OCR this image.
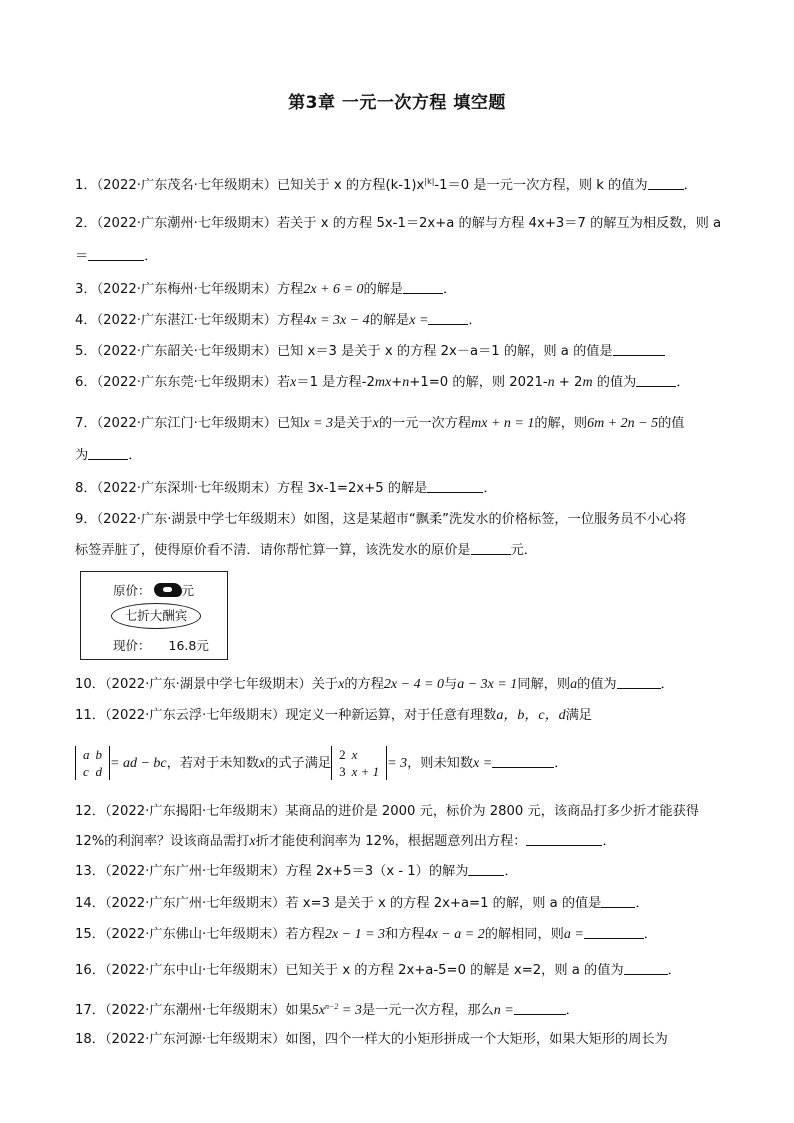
第3章 一元一次方程 填空题
1．（2022·广东茂名·七年级期末）已知关于 x 的方程$(k-1)x^{|k|}-1=0$ 是一元一次方程，则 k 的值为	．
2．（2022·广东潮州·七年级期末）若关于 x 的方程 5x-1＝2x+a 的解与方程 4x+3＝7 的解互为相反数，则 a
＝	．
3．（2022·广东梅州·七年级期末）方程2x + 6 = 0的解是	．
4．（2022·广东湛江·七年级期末）方程4x = 3x − 4的解是x =	．
5．（2022·广东韶关·七年级期末）已知 x＝3 是关于 x 的方程 2x－a＝1 的解，则 a 的值是
6．（2022·广东东莞·七年级期末）若x＝1 是方程-2mx+n+1=0 的解，则 2021-n + 2m 的值为	．
7．（2022·广东江门·七年级期末）已知x = 3是关于x的一元一次方程mx + n = 1的解，则6m + 2n − 5的值
为	．
8．（2022·广东深圳·七年级期末）方程 3x-1=2x+5 的解是	．
9．（2022·广东·湖景中学七年级期末）如图，这是某超市“飘柔”洗发水的价格标签，一位服务员不小心将
标签弄脏了，使得原价看不清．请你帮忙算一算，该洗发水的原价是	元．
原价： 元
七折大酬宾
现价： 16.8元
10．（2022·广东·湖景中学七年级期末）关于x的方程2x − 4 = 0与a − 3x = 1同解，则a的值为	．
11．（2022·广东云浮·七年级期末）现定义一种新运算，对于任意有理数a，b，c，d满足
a	b
c	d
= ad − bc，若对于未知数x的式子满足
2	x
3	x + 1
= 3，则未知数x =	．
12．（2022·广东揭阳·七年级期末）某商品的进价是 2000 元，标价为 2800 元，该商品打多少折才能获得
12%的利润率？设该商品需打x折才能使利润率为 12%，根据题意列出方程：	．
13．（2022·广东广州·七年级期末）方程 2x+5＝3（x - 1）的解为	．
14．（2022·广东广州·七年级期末）若 x=3 是关于 x 的方程 2x+a=1 的解，则 a 的值是	．
15．（2022·广东佛山·七年级期末）若方程2x − 1 = 3和方程4x − a = 2的解相同，则a =	．
16．（2022·广东中山·七年级期末）已知关于 x 的方程 2x+a-5=0 的解是 x=2，则 a 的值为	．
17．（2022·广东潮州·七年级期末）如果$5x^{n-2} = 3$是一元一次方程，那么n =	．
18．（2022·广东河源·七年级期末）如图，四个一样大的小矩形拼成一个大矩形，如果大矩形的周长为
